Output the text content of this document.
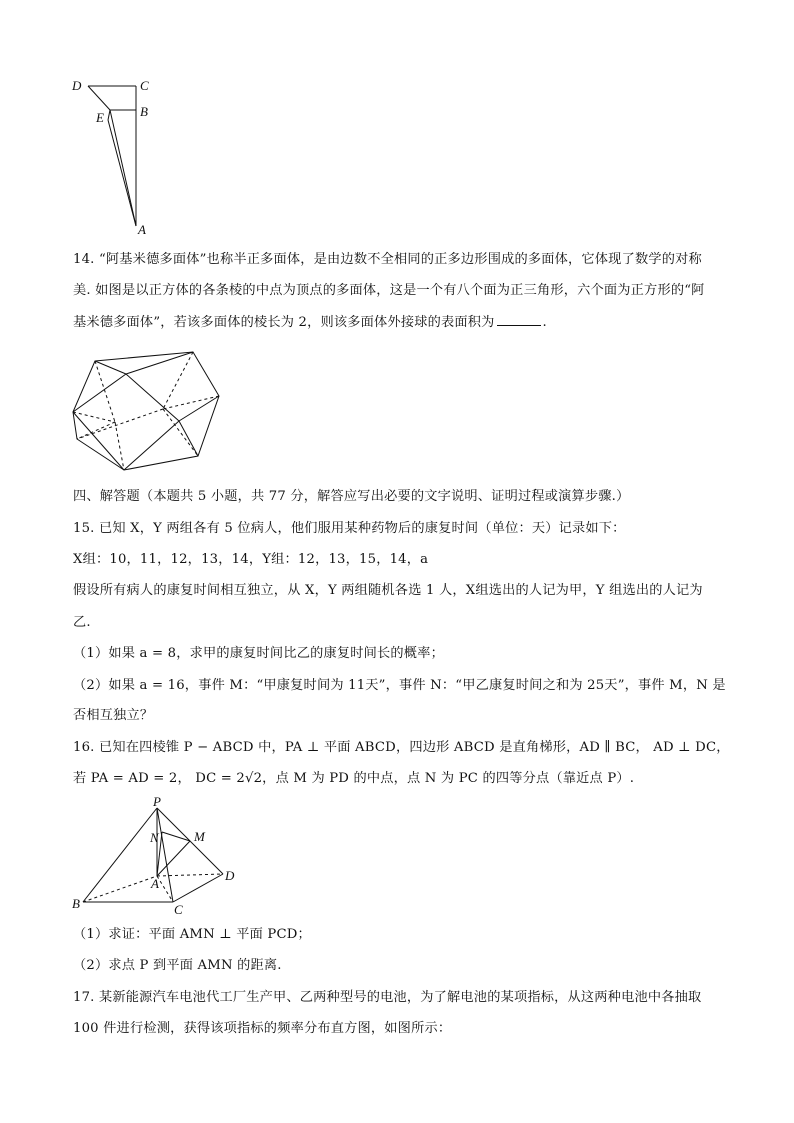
D	C
B
E
A
14. “阿基米德多面体”也称半正多面体，是由边数不全相同的正多边形围成的多面体，它体现了数学的对称
美. 如图是以正方体的各条棱的中点为顶点的多面体，这是一个有八个面为正三角形，六个面为正方形的“阿
基米德多面体”，若该多面体的棱长为 2，则该多面体外接球的表面积为	.
四、解答题（本题共 5 小题，共 77 分，解答应写出必要的文字说明、证明过程或演算步骤.）
15. 已知 X，Y 两组各有 5 位病人，他们服用某种药物后的康复时间（单位：天）记录如下：
X组：10，11，12，13，14，Y组：12，13，15，14，a
假设所有病人的康复时间相互独立，从 X，Y 两组随机各选 1 人，X组选出的人记为甲，Y 组选出的人记为
乙.
（1）如果 a = 8，求甲的康复时间比乙的康复时间长的概率；
（2）如果 a = 16，事件 M：“甲康复时间为 11天”，事件 N：“甲乙康复时间之和为 25天”，事件 M，N 是
否相互独立？
16. 已知在四棱锥 P − ABCD 中，PA ⊥ 平面 ABCD，四边形 ABCD 是直角梯形，AD ∥ BC， AD ⊥ DC，
若 PA = AD = 2， DC = 2√2，点 M 为 PD 的中点，点 N 为 PC 的四等分点（靠近点 P）.
P
N	M
A
D
B	C
（1）求证：平面 AMN ⊥ 平面 PCD；
（2）求点 P 到平面 AMN 的距离.
17. 某新能源汽车电池代工厂生产甲、乙两种型号的电池，为了解电池的某项指标，从这两种电池中各抽取
100 件进行检测，获得该项指标的频率分布直方图，如图所示：
